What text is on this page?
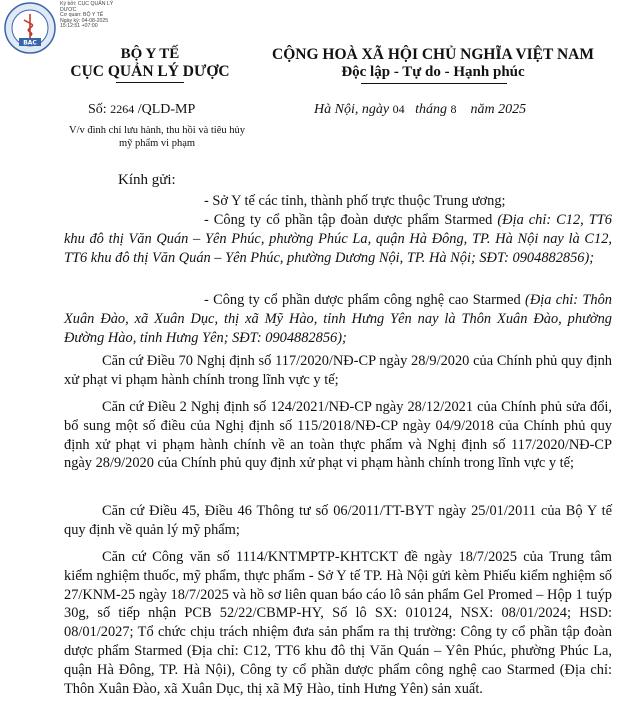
BAC
Ký bởi: CỤC QUẢN LÝ DƯỢC
Cơ quan: BỘ Y TẾ
Ngày ký: 04-08-2025 15:12:51 +07:00
BỘ Y TẾ
CỤC QUẢN LÝ DƯỢC
CỘNG HOÀ XÃ HỘI CHỦ NGHĨA VIỆT NAM
Độc lập - Tự do - Hạnh phúc
Số: 2264 /QLD-MP	Hà Nội, ngày 04 tháng 8 năm 2025
V/v đình chỉ lưu hành, thu hồi và tiêu hủy mỹ phẩm vi phạm
Kính gửi:
- Sở Y tế các tỉnh, thành phố trực thuộc Trung ương;
- Công ty cổ phần tập đoàn dược phẩm Starmed (Địa chỉ: C12, TT6 khu đô thị Văn Quán – Yên Phúc, phường Phúc La, quận Hà Đông, TP. Hà Nội nay là C12, TT6 khu đô thị Văn Quán – Yên Phúc, phường Dương Nội, TP. Hà Nội; SĐT: 0904882856);
- Công ty cổ phần dược phẩm công nghệ cao Starmed (Địa chỉ: Thôn Xuân Đào, xã Xuân Dục, thị xã Mỹ Hào, tỉnh Hưng Yên nay là Thôn Xuân Đào, phường Đường Hào, tỉnh Hưng Yên; SĐT: 0904882856);
Căn cứ Điều 70 Nghị định số 117/2020/NĐ-CP ngày 28/9/2020 của Chính phủ quy định xử phạt vi phạm hành chính trong lĩnh vực y tế;
Căn cứ Điều 2 Nghị định số 124/2021/NĐ-CP ngày 28/12/2021 của Chính phủ sửa đổi, bổ sung một số điều của Nghị định số 115/2018/NĐ-CP ngày 04/9/2018 của Chính phủ quy định xử phạt vi phạm hành chính về an toàn thực phẩm và Nghị định số 117/2020/NĐ-CP ngày 28/9/2020 của Chính phủ quy định xử phạt vi phạm hành chính trong lĩnh vực y tế;
Căn cứ Điều 45, Điều 46 Thông tư số 06/2011/TT-BYT ngày 25/01/2011 của Bộ Y tế quy định về quản lý mỹ phẩm;
Căn cứ Công văn số 1114/KNTMPTP-KHTCKT đề ngày 18/7/2025 của Trung tâm kiểm nghiệm thuốc, mỹ phẩm, thực phẩm - Sở Y tế TP. Hà Nội gửi kèm Phiếu kiểm nghiệm số 27/KNM-25 ngày 18/7/2025 và hồ sơ liên quan báo cáo lô sản phẩm Gel Promed – Hộp 1 tuýp 30g, số tiếp nhận PCB 52/22/CBMP-HY, Số lô SX: 010124, NSX: 08/01/2024; HSD: 08/01/2027; Tổ chức chịu trách nhiệm đưa sản phẩm ra thị trường: Công ty cổ phần tập đoàn dược phẩm Starmed (Địa chỉ: C12, TT6 khu đô thị Văn Quán – Yên Phúc, phường Phúc La, quận Hà Đông, TP. Hà Nội), Công ty cổ phần dược phẩm công nghệ cao Starmed (Địa chỉ: Thôn Xuân Đào, xã Xuân Dục, thị xã Mỹ Hào, tỉnh Hưng Yên) sản xuất.
